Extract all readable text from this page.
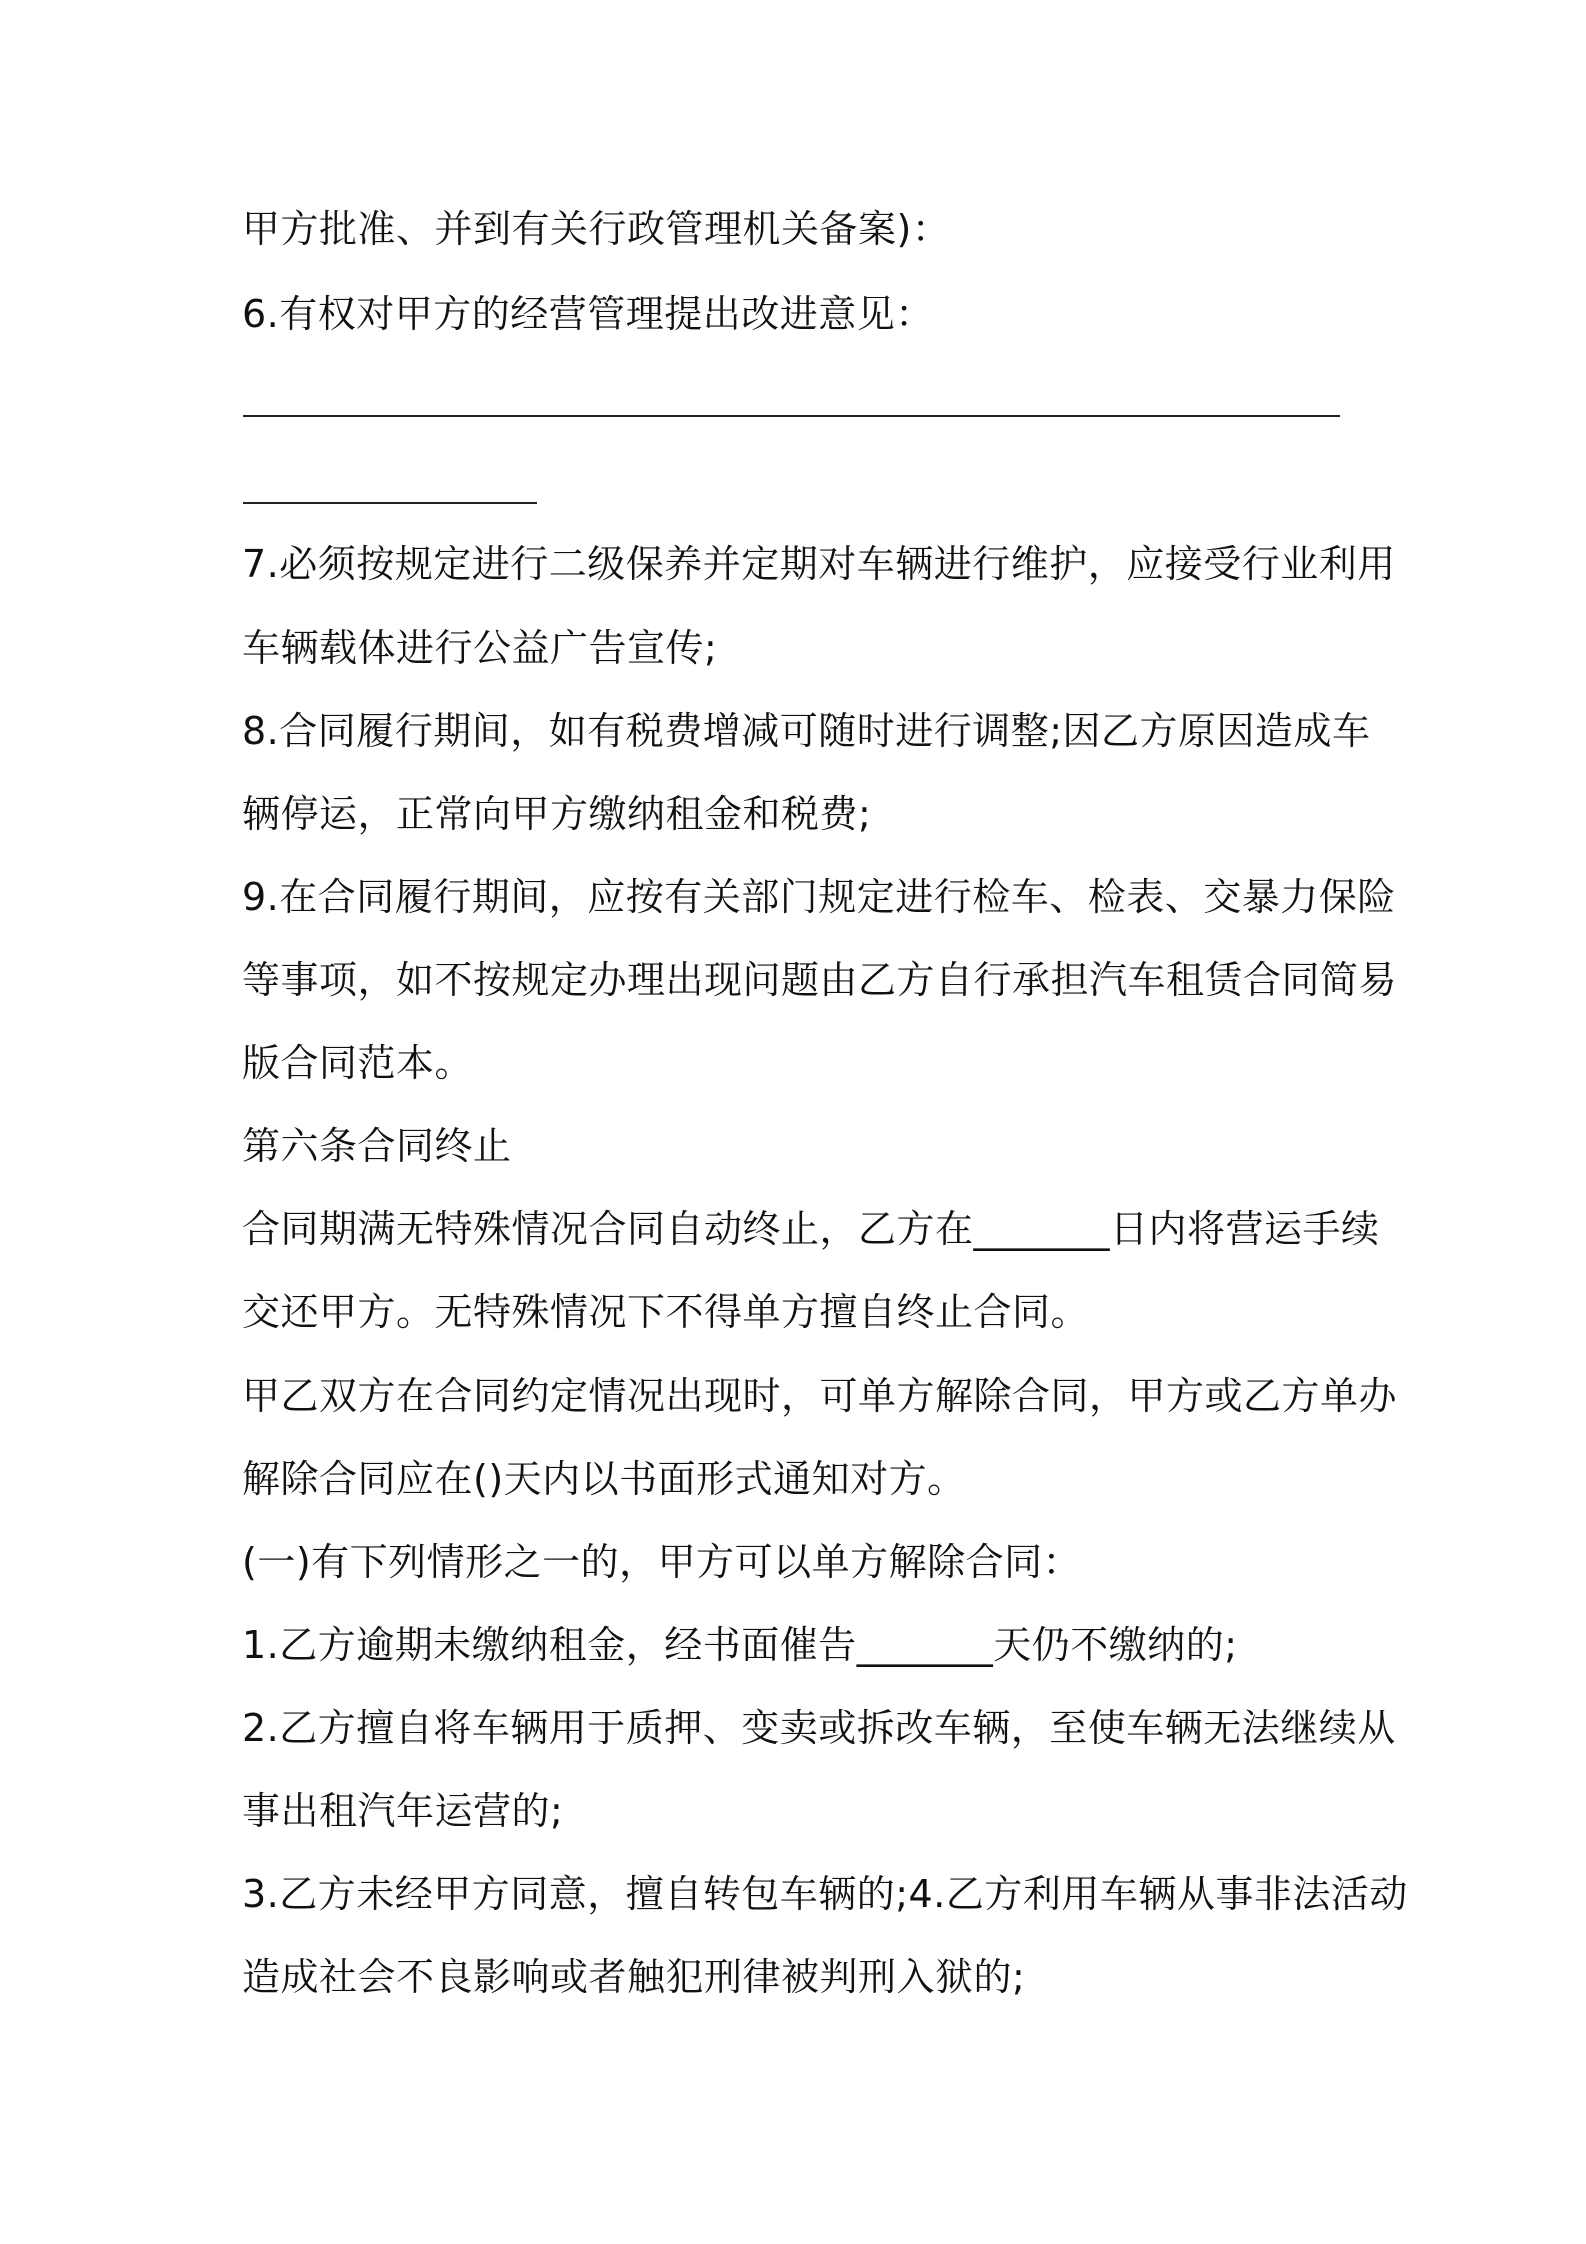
甲方批准、并到有关行政管理机关备案)：
6.有权对甲方的经营管理提出改进意见：
7.必须按规定进行二级保养并定期对车辆进行维护，应接受行业利用
车辆载体进行公益广告宣传;
8.合同履行期间，如有税费增减可随时进行调整;因乙方原因造成车
辆停运，正常向甲方缴纳租金和税费;
9.在合同履行期间，应按有关部门规定进行检车、检表、交暴力保险
等事项，如不按规定办理出现问题由乙方自行承担汽车租赁合同简易
版合同范本。
第六条合同终止
合同期满无特殊情况合同自动终止，乙方在_______日内将营运手续
交还甲方。无特殊情况下不得单方擅自终止合同。
甲乙双方在合同约定情况出现时，可单方解除合同，甲方或乙方单办
解除合同应在()天内以书面形式通知对方。
(一)有下列情形之一的，甲方可以单方解除合同：
1.乙方逾期未缴纳租金，经书面催告_______天仍不缴纳的;
2.乙方擅自将车辆用于质押、变卖或拆改车辆，至使车辆无法继续从
事出租汽年运营的;
3.乙方未经甲方同意，擅自转包车辆的;4.乙方利用车辆从事非法活动
造成社会不良影响或者触犯刑律被判刑入狱的;
